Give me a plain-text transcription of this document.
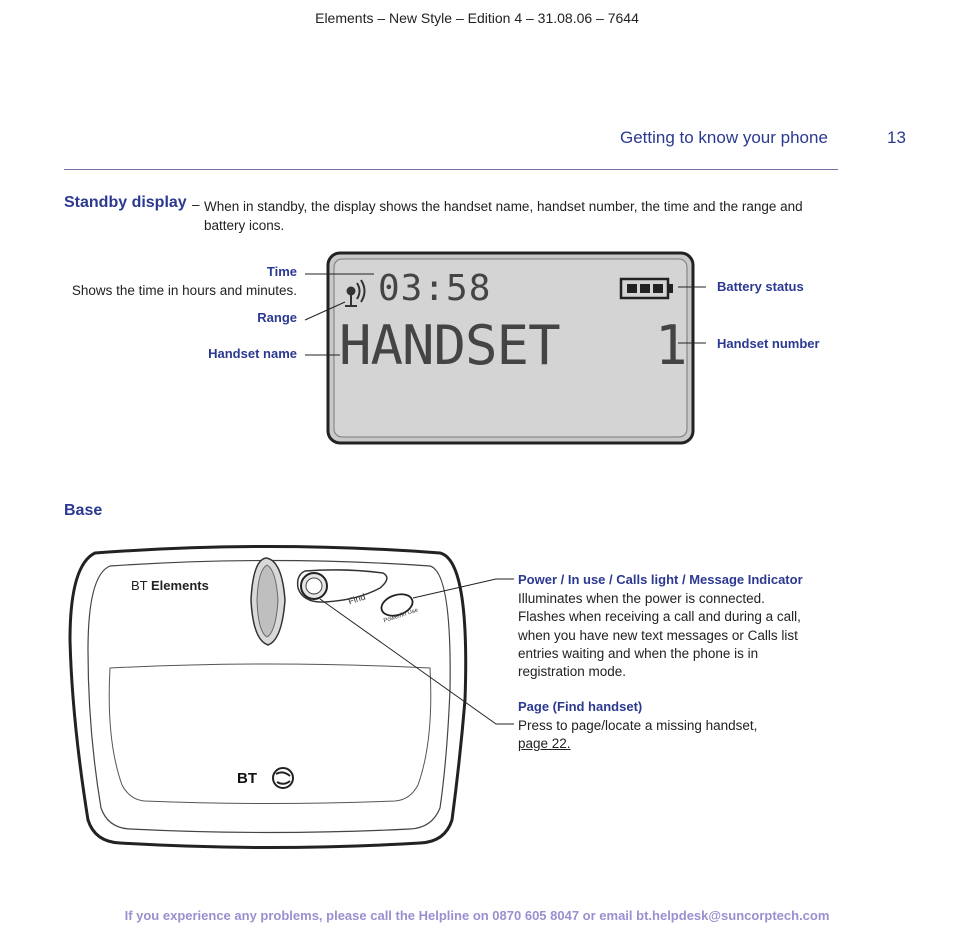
Elements – New Style – Edition 4 – 31.08.06 – 7644
Getting to know your phone	13
Standby display – When in standby, the display shows the handset name, handset number, the time and the range and battery icons.
03:58
HANDSET 1
Time
Shows the time in hours and minutes.
Range
Handset name
Battery status
Handset number
Base
BT Elements
BT
Find
Power/In Use
Power / In use / Calls light / Message Indicator
Illuminates when the power is connected.
Flashes when receiving a call and during a call,
when you have new text messages or Calls list
entries waiting and when the phone is in
registration mode.
Page (Find handset)
Press to page/locate a missing handset,
page 22.
If you experience any problems, please call the Helpline on 0870 605 8047 or email bt.helpdesk@suncorptech.com
